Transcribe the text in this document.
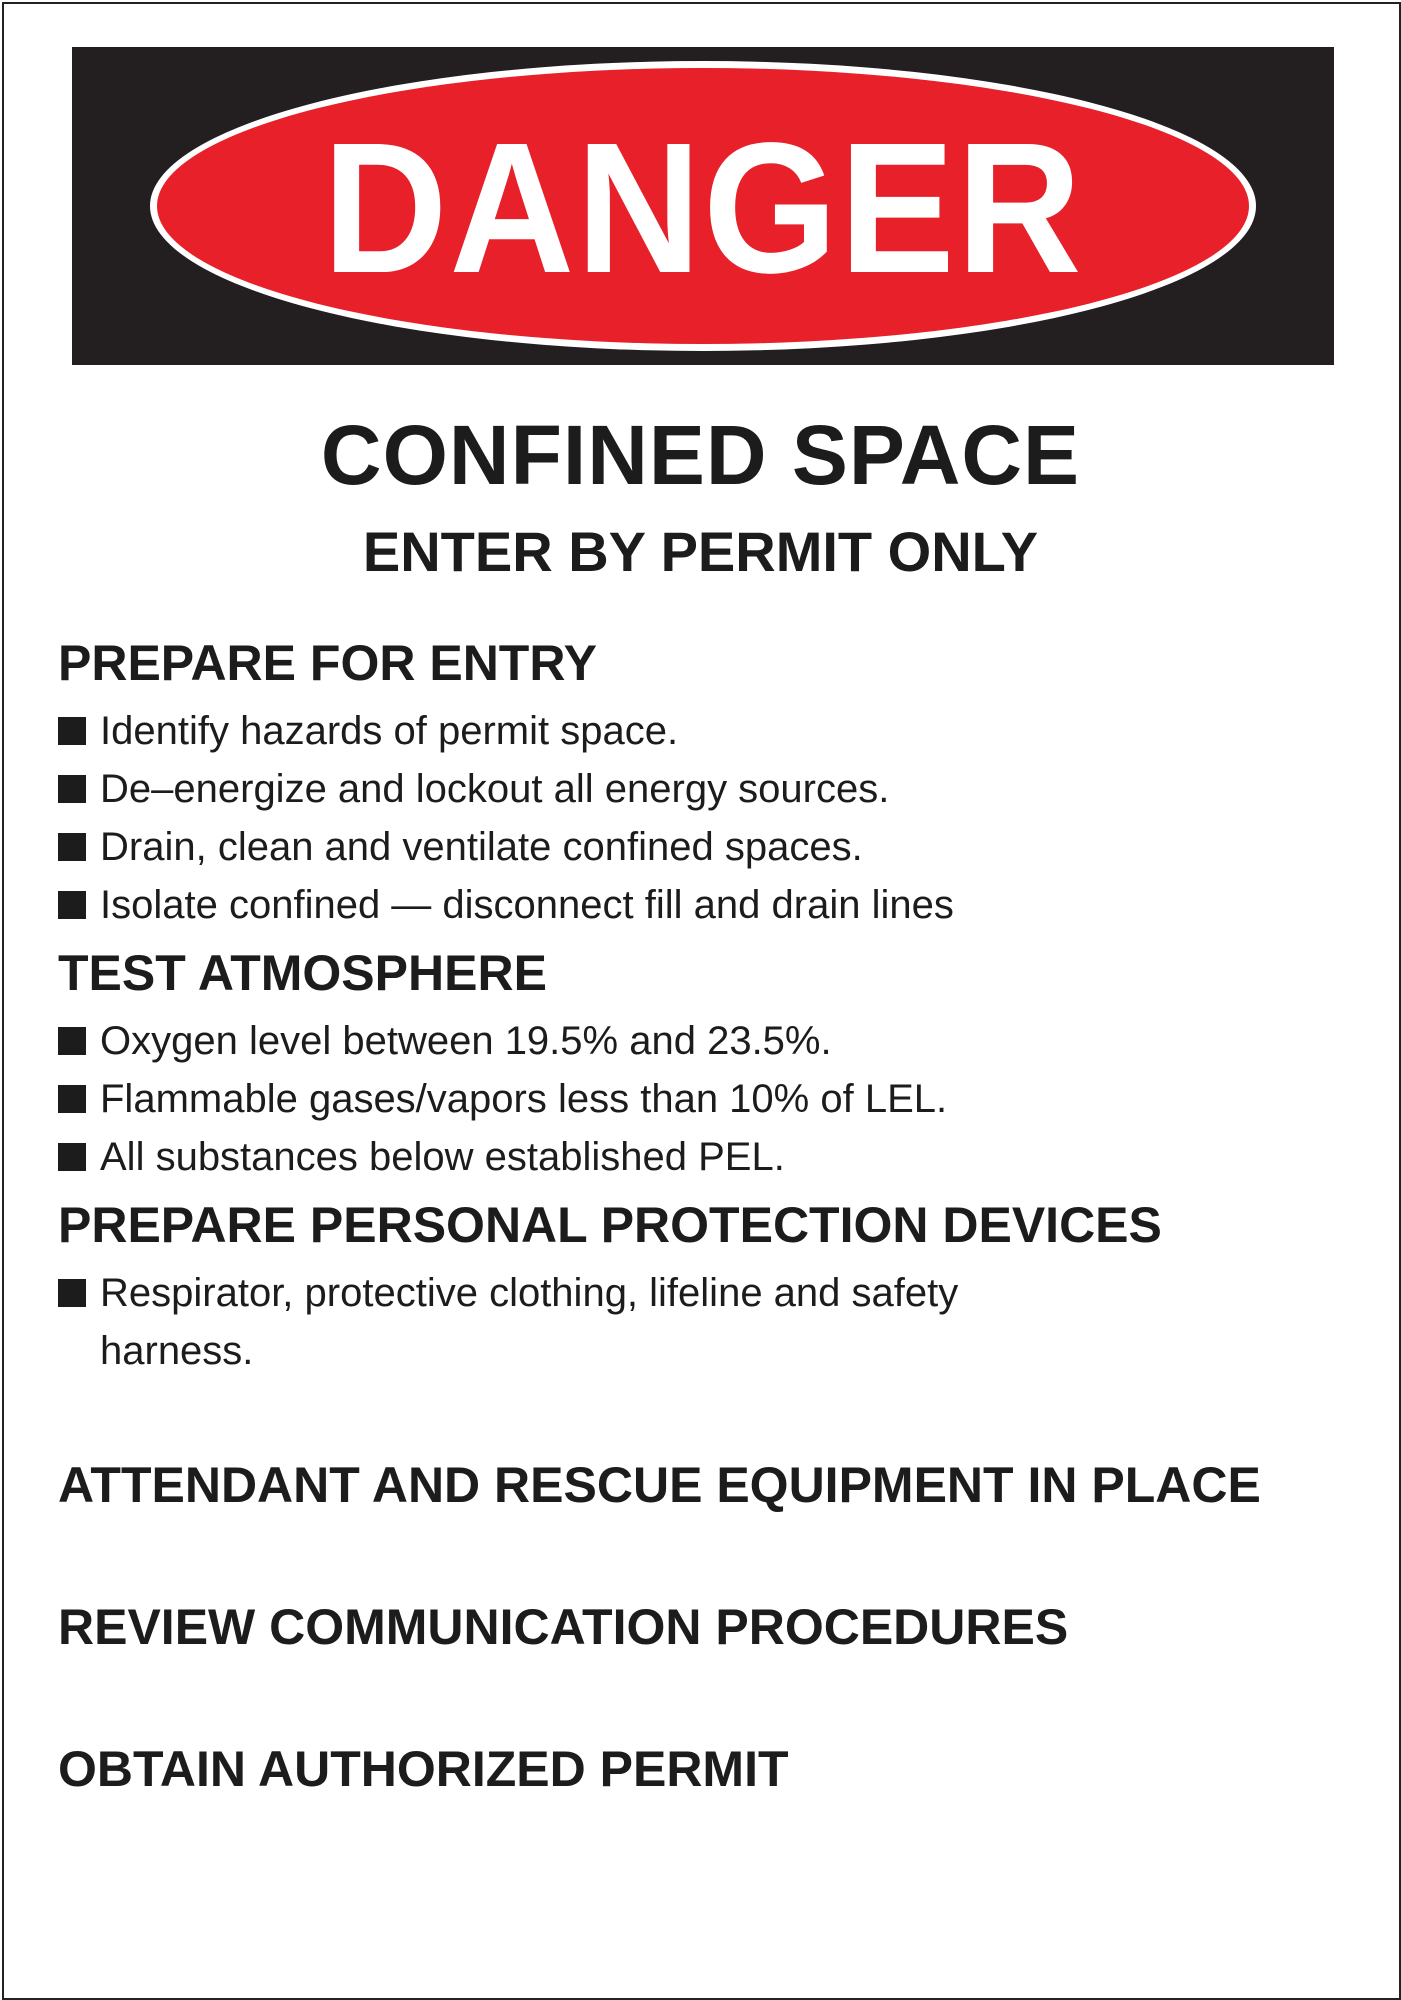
DANGER
CONFINED SPACE
ENTER BY PERMIT ONLY

PREPARE FOR ENTRY

Identify hazards of permit space.

De–energize and lockout all energy sources.

Drain, clean and ventilate confined spaces.

Isolate confined — disconnect fill and drain lines

TEST ATMOSPHERE

Oxygen level between 19.5% and 23.5%.

Flammable gases/vapors less than 10% of LEL.

All substances below established PEL.

PREPARE PERSONAL PROTECTION DEVICES

Respirator, protective clothing, lifeline and safety harness.

ATTENDANT AND RESCUE EQUIPMENT IN PLACE

REVIEW COMMUNICATION PROCEDURES

OBTAIN AUTHORIZED PERMIT
